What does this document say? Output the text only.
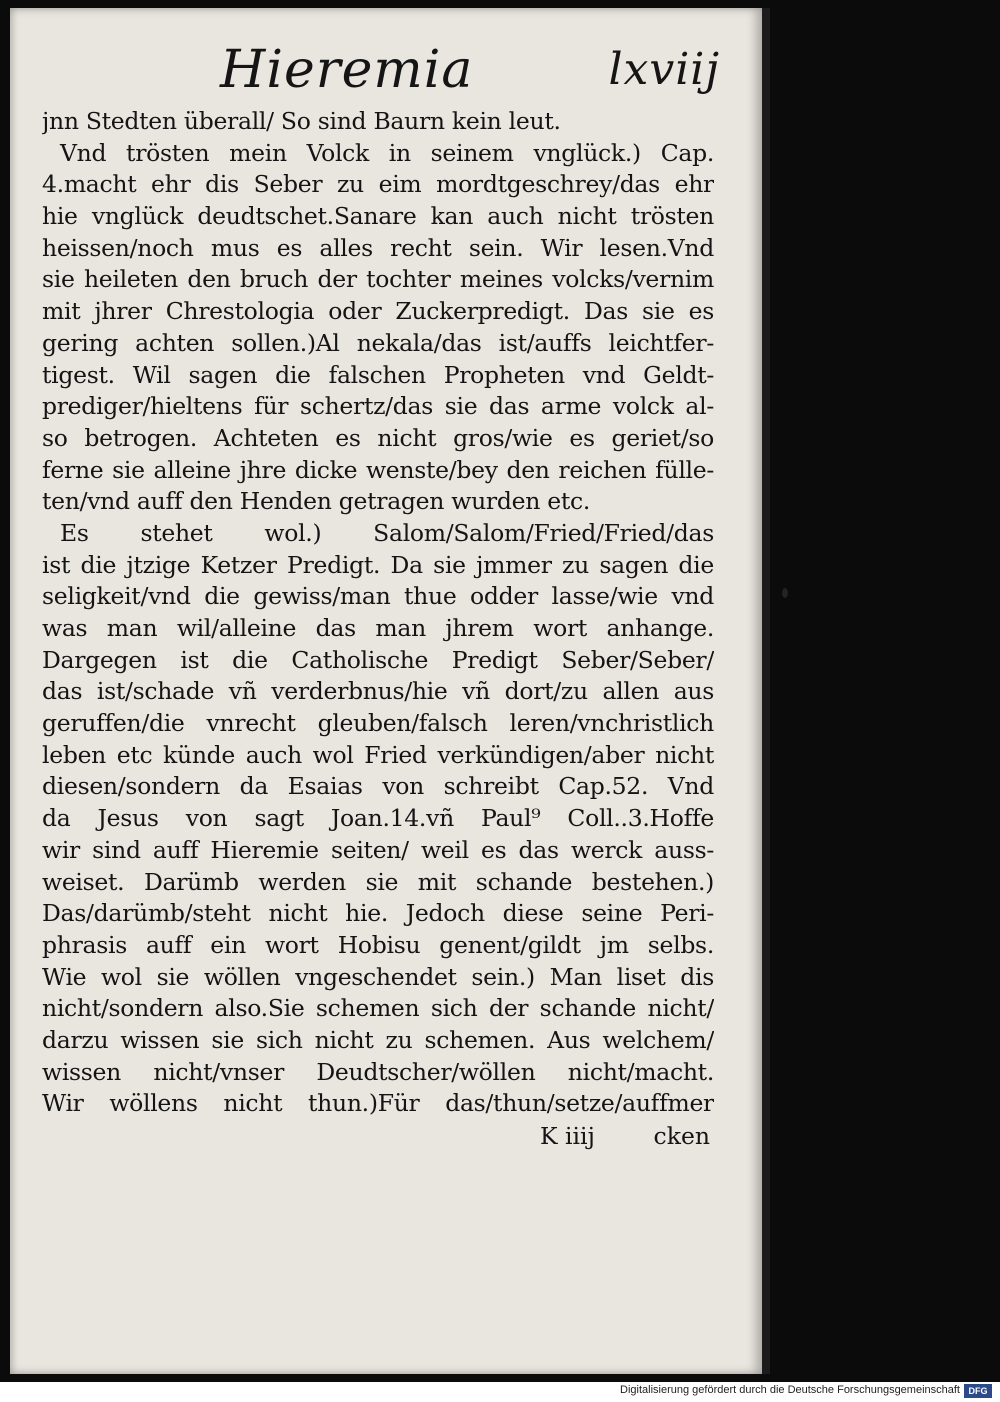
Hieremia	lxviij
jnn Stedten überall/ So sind Baurn kein leut.
Vnd trösten mein Volck in seinem vnglück.) Cap.
4.macht ehr dis Seber zu eim mordtgeschrey/das ehr
hie vnglück deudtschet.Sanare kan auch nicht trösten
heissen/noch mus es alles recht sein. Wir lesen.Vnd
sie heileten den bruch der tochter meines volcks/vernim
mit jhrer Chrestologia oder Zuckerpredigt. Das sie es
gering achten sollen.)Al nekala/das ist/auffs leichtfer-
tigest. Wil sagen die falschen Propheten vnd Geldt-
prediger/hieltens für schertz/das sie das arme volck al-
so betrogen. Achteten es nicht gros/wie es geriet/so
ferne sie alleine jhre dicke wenste/bey den reichen fülle-
ten/vnd auff den Henden getragen wurden etc.
Es stehet wol.) Salom/Salom/Fried/Fried/das
ist die jtzige Ketzer Predigt. Da sie jmmer zu sagen die
seligkeit/vnd die gewiss/man thue odder lasse/wie vnd
was man wil/alleine das man jhrem wort anhange.
Dargegen ist die Catholische Predigt Seber/Seber/
das ist/schade vñ verderbnus/hie vñ dort/zu allen aus
geruffen/die vnrecht gleuben/falsch leren/vnchristlich
leben etc künde auch wol Fried verkündigen/aber nicht
diesen/sondern da Esaias von schreibt Cap.52. Vnd
da Jesus von sagt Joan.14.vñ Paul⁹ Coll..3.Hoffe
wir sind auff Hieremie seiten/ weil es das werck auss-
weiset. Darümb werden sie mit schande bestehen.)
Das/darümb/steht nicht hie. Jedoch diese seine Peri-
phrasis auff ein wort Hobisu genent/gildt jm selbs.
Wie wol sie wöllen vngeschendet sein.) Man liset dis
nicht/sondern also.Sie schemen sich der schande nicht/
darzu wissen sie sich nicht zu schemen. Aus welchem/
wissen nicht/vnser Deudtscher/wöllen nicht/macht.
Wir wöllens nicht thun.)Für das/thun/setze/auffmer
K iiij cken
Digitalisierung gefördert durch die Deutsche Forschungsgemeinschaft DFG
